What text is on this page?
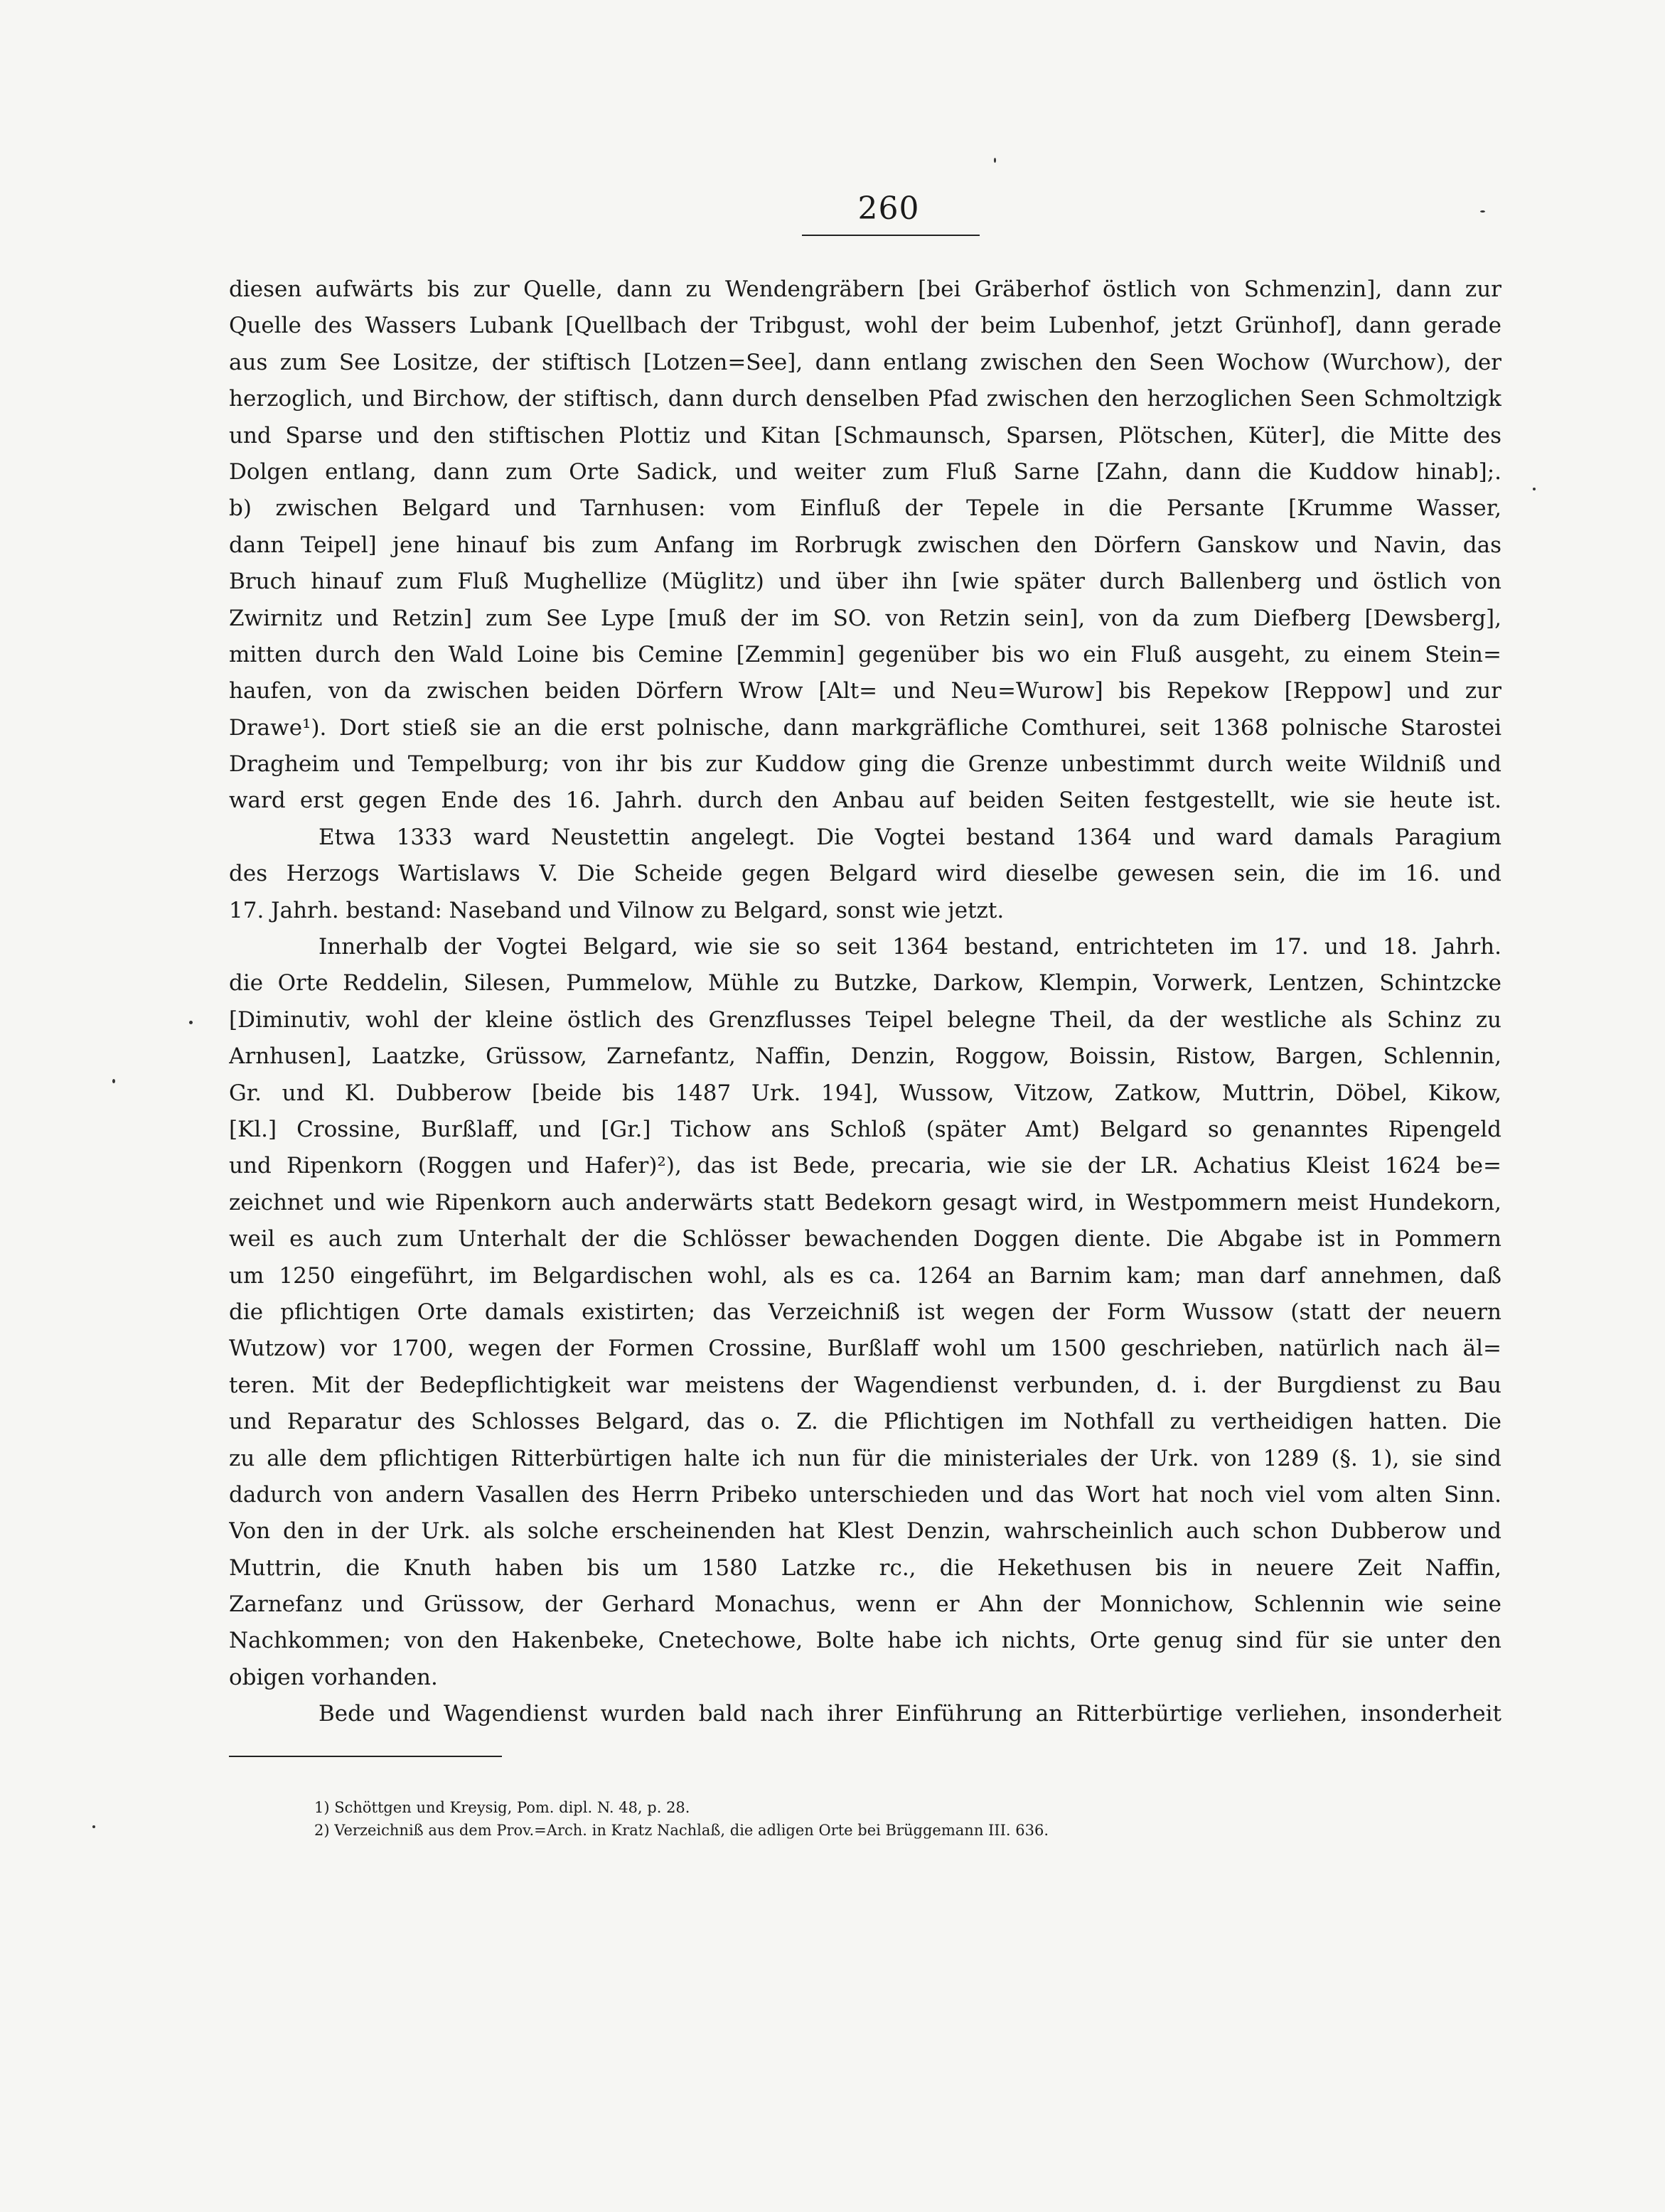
260
diesen aufwärts bis zur Quelle, dann zu Wendengräbern [bei Gräberhof östlich von Schmenzin], dann zur
Quelle des Wassers Lubank [Quellbach der Tribgust, wohl der beim Lubenhof, jetzt Grünhof], dann gerade
aus zum See Lositze, der stiftisch [Lotzen=See], dann entlang zwischen den Seen Wochow (Wurchow), der
herzoglich, und Birchow, der stiftisch, dann durch denselben Pfad zwischen den herzoglichen Seen Schmoltzigk
und Sparse und den stiftischen Plottiz und Kitan [Schmaunsch, Sparsen, Plötschen, Küter], die Mitte des
Dolgen entlang, dann zum Orte Sadick, und weiter zum Fluß Sarne [Zahn, dann die Kuddow hinab];.
b) zwischen Belgard und Tarnhusen: vom Einfluß der Tepele in die Persante [Krumme Wasser,
dann Teipel] jene hinauf bis zum Anfang im Rorbrugk zwischen den Dörfern Ganskow und Navin, das
Bruch hinauf zum Fluß Mughellize (Müglitz) und über ihn [wie später durch Ballenberg und östlich von
Zwirnitz und Retzin] zum See Lype [muß der im SO. von Retzin sein], von da zum Diefberg [Dewsberg],
mitten durch den Wald Loine bis Cemine [Zemmin] gegenüber bis wo ein Fluß ausgeht, zu einem Stein=
haufen, von da zwischen beiden Dörfern Wrow [Alt= und Neu=Wurow] bis Repekow [Reppow] und zur
Drawe¹). Dort stieß sie an die erst polnische, dann markgräfliche Comthurei, seit 1368 polnische Starostei
Dragheim und Tempelburg; von ihr bis zur Kuddow ging die Grenze unbestimmt durch weite Wildniß und
ward erst gegen Ende des 16. Jahrh. durch den Anbau auf beiden Seiten festgestellt, wie sie heute ist.
Etwa 1333 ward Neustettin angelegt. Die Vogtei bestand 1364 und ward damals Paragium
des Herzogs Wartislaws V. Die Scheide gegen Belgard wird dieselbe gewesen sein, die im 16. und
17. Jahrh. bestand: Naseband und Vilnow zu Belgard, sonst wie jetzt.
Innerhalb der Vogtei Belgard, wie sie so seit 1364 bestand, entrichteten im 17. und 18. Jahrh.
die Orte Reddelin, Silesen, Pummelow, Mühle zu Butzke, Darkow, Klempin, Vorwerk, Lentzen, Schintzcke
[Diminutiv, wohl der kleine östlich des Grenzflusses Teipel belegne Theil, da der westliche als Schinz zu
Arnhusen], Laatzke, Grüssow, Zarnefantz, Naffin, Denzin, Roggow, Boissin, Ristow, Bargen, Schlennin,
Gr. und Kl. Dubberow [beide bis 1487 Urk. 194], Wussow, Vitzow, Zatkow, Muttrin, Döbel, Kikow,
[Kl.] Crossine, Burßlaff, und [Gr.] Tichow ans Schloß (später Amt) Belgard so genanntes Ripengeld
und Ripenkorn (Roggen und Hafer)²), das ist Bede, precaria, wie sie der LR. Achatius Kleist 1624 be=
zeichnet und wie Ripenkorn auch anderwärts statt Bedekorn gesagt wird, in Westpommern meist Hundekorn,
weil es auch zum Unterhalt der die Schlösser bewachenden Doggen diente. Die Abgabe ist in Pommern
um 1250 eingeführt, im Belgardischen wohl, als es ca. 1264 an Barnim kam; man darf annehmen, daß
die pflichtigen Orte damals existirten; das Verzeichniß ist wegen der Form Wussow (statt der neuern
Wutzow) vor 1700, wegen der Formen Crossine, Burßlaff wohl um 1500 geschrieben, natürlich nach äl=
teren. Mit der Bedepflichtigkeit war meistens der Wagendienst verbunden, d. i. der Burgdienst zu Bau
und Reparatur des Schlosses Belgard, das o. Z. die Pflichtigen im Nothfall zu vertheidigen hatten. Die
zu alle dem pflichtigen Ritterbürtigen halte ich nun für die ministeriales der Urk. von 1289 (§. 1), sie sind
dadurch von andern Vasallen des Herrn Pribeko unterschieden und das Wort hat noch viel vom alten Sinn.
Von den in der Urk. als solche erscheinenden hat Klest Denzin, wahrscheinlich auch schon Dubberow und
Muttrin, die Knuth haben bis um 1580 Latzke rc., die Hekethusen bis in neuere Zeit Naffin,
Zarnefanz und Grüssow, der Gerhard Monachus, wenn er Ahn der Monnichow, Schlennin wie seine
Nachkommen; von den Hakenbeke, Cnetechowe, Bolte habe ich nichts, Orte genug sind für sie unter den
obigen vorhanden.
Bede und Wagendienst wurden bald nach ihrer Einführung an Ritterbürtige verliehen, insonderheit
1) Schöttgen und Kreysig, Pom. dipl. N. 48, p. 28.
2) Verzeichniß aus dem Prov.=Arch. in Kratz Nachlaß, die adligen Orte bei Brüggemann III. 636.
